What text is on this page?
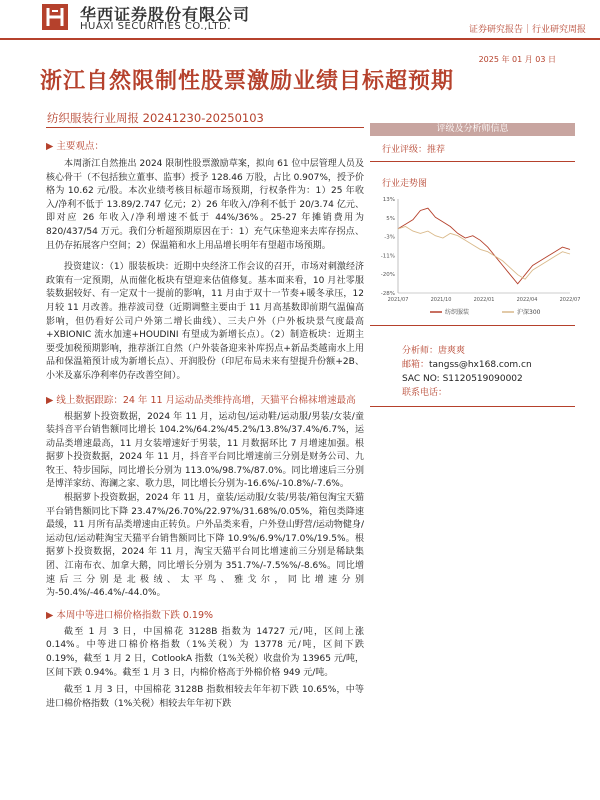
华西证券股份有限公司
HUAXI SECURITIES CO.,LTD.	证券研究报告｜行业研究周报
2025 年 01 月 03 日
浙江自然限制性股票激励业绩目标超预期
纺织服装行业周报 20241230-20250103
▶ 主要观点：
本周浙江自然推出 2024 限制性股票激励草案，拟向 61 位中层管理人员及核心骨干（不包括独立董事、监事）授予 128.46 万股，占比 0.907%，授予价格为 10.62 元/股。本次业绩考核目标超市场预期，行权条件为：1）25 年收入/净利不低于 13.89/2.747 亿元；2）26 年收入/净利不低于 20/3.74 亿元、即对应 26 年收入/净利增速不低于 44%/36%。25-27 年摊销费用为 820/437/54 万元。我们分析超预期原因在于：1）充气床垫迎来去库存拐点、且仍存拓展客户空间；2）保温箱和水上用品增长明年有望超市场预期。
投资建议：（1）服装板块：近期中央经济工作会议的召开，市场对刺激经济政策有一定预期，从而催化板块有望迎来估值修复。基本面来看，10 月社零服装数据较好、有一定双十一提前的影响，11 月由于双十一节奏+暖冬承压，12 月较 11 月改善。推荐波司登（近期调整主要由于 11 月高基数即前期气温偏高影响，但仍看好公司户外第二增长曲线）、三夫户外（户外板块景气度最高+XBIONIC 流水加速+HOUDINI 有望成为新增长点）。（2）制造板块：近期主要受加税预期影响，推荐浙江自然（户外装备迎来补库拐点+新品类越南水上用品和保温箱预计成为新增长点）、开润股份（印尼布局未来有望提升份额+2B、小米及嘉乐净利率仍存改善空间）。
▶ 线上数据跟踪：24 年 11 月运动品类维持高增，天猫平台棉袜增速最高
根据萝卜投资数据，2024 年 11 月，运动包/运动鞋/运动服/男装/女装/童装抖音平台销售额同比增长 104.2%/64.2%/45.2%/13.8%/37.4%/6.7%，运动品类增速最高，11 月女装增速好于男装，11 月数据环比 7 月增速加强。根据萝卜投资数据，2024 年 11 月，抖音平台同比增速前三分别是财务公司、九牧王、特步国际，同比增长分别为 113.0%/98.7%/87.0%。同比增速后三分别是博洋家纺、海澜之家、歌力思，同比增长分别为-16.6%/-10.8%/-7.6%。
根据萝卜投资数据，2024 年 11 月，童装/运动服/女装/男装/箱包淘宝天猫平台销售额同比下降 23.47%/26.70%/22.97%/31.68%/0.05%，箱包类降速最缓，11 月所有品类增速由正转负。户外品类来看，户外登山野营/运动物健身/运动包/运动鞋淘宝天猫平台销售额同比下降 10.9%/6.9%/17.0%/19.5%。根据萝卜投资数据，2024 年 11 月，淘宝天猫平台同比增速前三分别是稀缺集团、江南布衣、加拿大鹅，同比增长分别为 351.7%/-7.5%%/-8.6%。同比增速后三分别是北极绒、太平鸟、雅戈尔，同比增速分别为-50.4%/-46.4%/-44.0%。
▶ 本周中等进口棉价格指数下跌 0.19%
截至 1 月 3 日，中国棉花 3128B 指数为 14727 元/吨，区间上涨 0.14%。中等进口棉价格指数（1%关税）为 13778 元/吨，区间下跌 0.19%，截至 1 月 2 日，CotlookA 指数（1%关税）收盘价为 13965 元/吨，区间下跌 0.94%。截至 1 月 3 日，内棉价格高于外棉价格 949 元/吨。
截至 1 月 3 日，中国棉花 3128B 指数相较去年年初下跌 10.65%，中等进口棉价格指数（1%关税）相较去年年初下跌
评级及分析师信息
行业评级：推荐
行业走势图
13%
5%
-3%
-11%
-20%
-28%
2021/07	2021/10	2022/01	2022/04	2022/07
纺织服装	沪深300
分析师：唐爽爽
邮箱：tangss@hx168.com.cn
SAC NO: S1120519090002
联系电话：
